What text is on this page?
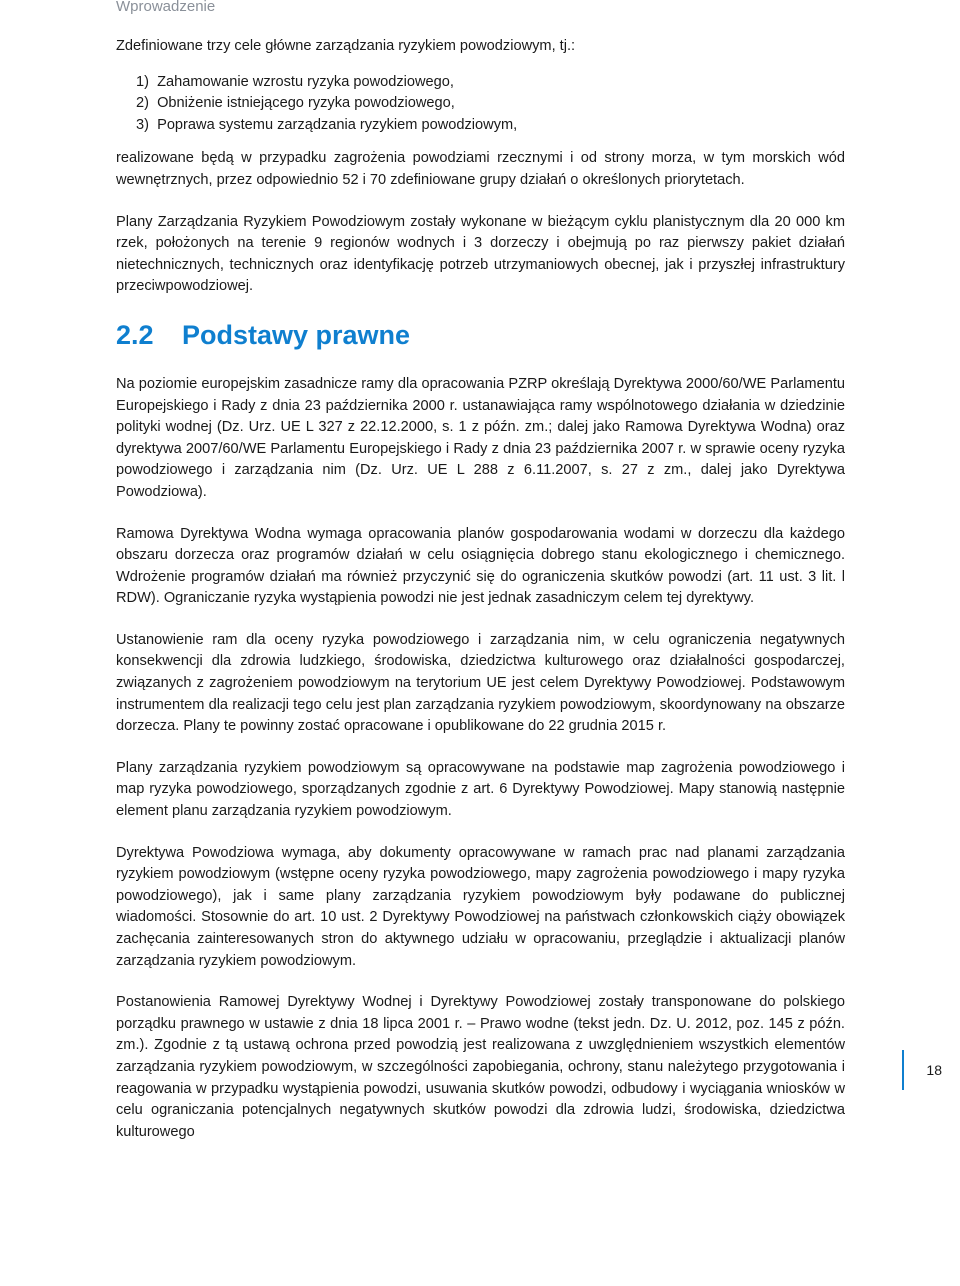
Wprowadzenie

Zdefiniowane trzy cele główne zarządzania ryzykiem powodziowym, tj.:

1)  Zahamowanie wzrostu ryzyka powodziowego,
2)  Obniżenie istniejącego ryzyka powodziowego,
3)  Poprawa systemu zarządzania ryzykiem powodziowym,

realizowane będą w przypadku zagrożenia powodziami rzecznymi i od strony morza, w tym morskich wód wewnętrznych, przez odpowiednio 52 i 70 zdefiniowane grupy działań o określonych priorytetach.

Plany Zarządzania Ryzykiem Powodziowym zostały wykonane w bieżącym cyklu planistycznym dla 20 000 km rzek, położonych na terenie 9 regionów wodnych i 3 dorzeczy i obejmują po raz pierwszy pakiet działań nietechnicznych, technicznych oraz identyfikację potrzeb utrzymaniowych obecnej, jak i przyszłej infrastruktury przeciwpowodziowej.

2.2	Podstawy prawne

Na poziomie europejskim zasadnicze ramy dla opracowania PZRP określają Dyrektywa 2000/60/WE Parlamentu Europejskiego i Rady z dnia 23 października 2000 r. ustanawiająca ramy wspólnotowego działania w dziedzinie polityki wodnej (Dz. Urz. UE L 327 z 22.12.2000, s. 1 z późn. zm.; dalej jako Ramowa Dyrektywa Wodna) oraz dyrektywa 2007/60/WE Parlamentu Europejskiego i Rady z dnia 23 października 2007 r. w sprawie oceny ryzyka powodziowego i zarządzania nim (Dz. Urz. UE L 288 z 6.11.2007, s. 27 z zm., dalej jako Dyrektywa Powodziowa).

Ramowa Dyrektywa Wodna wymaga opracowania planów gospodarowania wodami w dorzeczu dla każdego obszaru dorzecza oraz programów działań w celu osiągnięcia dobrego stanu ekologicznego i chemicznego. Wdrożenie programów działań ma również przyczynić się do ograniczenia skutków powodzi (art. 11 ust. 3 lit. l RDW). Ograniczanie ryzyka wystąpienia powodzi nie jest jednak zasadniczym celem tej dyrektywy.

Ustanowienie ram dla oceny ryzyka powodziowego i zarządzania nim, w celu ograniczenia negatywnych konsekwencji dla zdrowia ludzkiego, środowiska, dziedzictwa kulturowego oraz działalności gospodarczej, związanych z zagrożeniem powodziowym na terytorium UE jest celem Dyrektywy Powodziowej. Podstawowym instrumentem dla realizacji tego celu jest plan zarządzania ryzykiem powodziowym, skoordynowany na obszarze dorzecza. Plany te powinny zostać opracowane i opublikowane do 22 grudnia 2015 r.

Plany zarządzania ryzykiem powodziowym są opracowywane na podstawie map zagrożenia powodziowego i map ryzyka powodziowego, sporządzanych zgodnie z art. 6 Dyrektywy Powodziowej. Mapy stanowią następnie element planu zarządzania ryzykiem powodziowym.

Dyrektywa Powodziowa wymaga, aby dokumenty opracowywane w ramach prac nad planami zarządzania ryzykiem powodziowym (wstępne oceny ryzyka powodziowego, mapy zagrożenia powodziowego i mapy ryzyka powodziowego), jak i same plany zarządzania ryzykiem powodziowym były podawane do publicznej wiadomości. Stosownie do art. 10 ust. 2 Dyrektywy Powodziowej na państwach członkowskich ciąży obowiązek zachęcania zainteresowanych stron do aktywnego udziału w opracowaniu, przeglądzie i aktualizacji planów zarządzania ryzykiem powodziowym.

Postanowienia Ramowej Dyrektywy Wodnej i Dyrektywy Powodziowej zostały transponowane do polskiego porządku prawnego w ustawie z dnia 18 lipca 2001 r. – Prawo wodne (tekst jedn. Dz. U. 2012, poz. 145 z późn. zm.). Zgodnie z tą ustawą ochrona przed powodzią jest realizowana z uwzględnieniem wszystkich elementów zarządzania ryzykiem powodziowym, w szczególności zapobiegania, ochrony, stanu należytego przygotowania i reagowania w przypadku wystąpienia powodzi, usuwania skutków powodzi, odbudowy i wyciągania wniosków w celu ograniczania potencjalnych negatywnych skutków powodzi dla zdrowia ludzi, środowiska, dziedzictwa kulturowego

18
